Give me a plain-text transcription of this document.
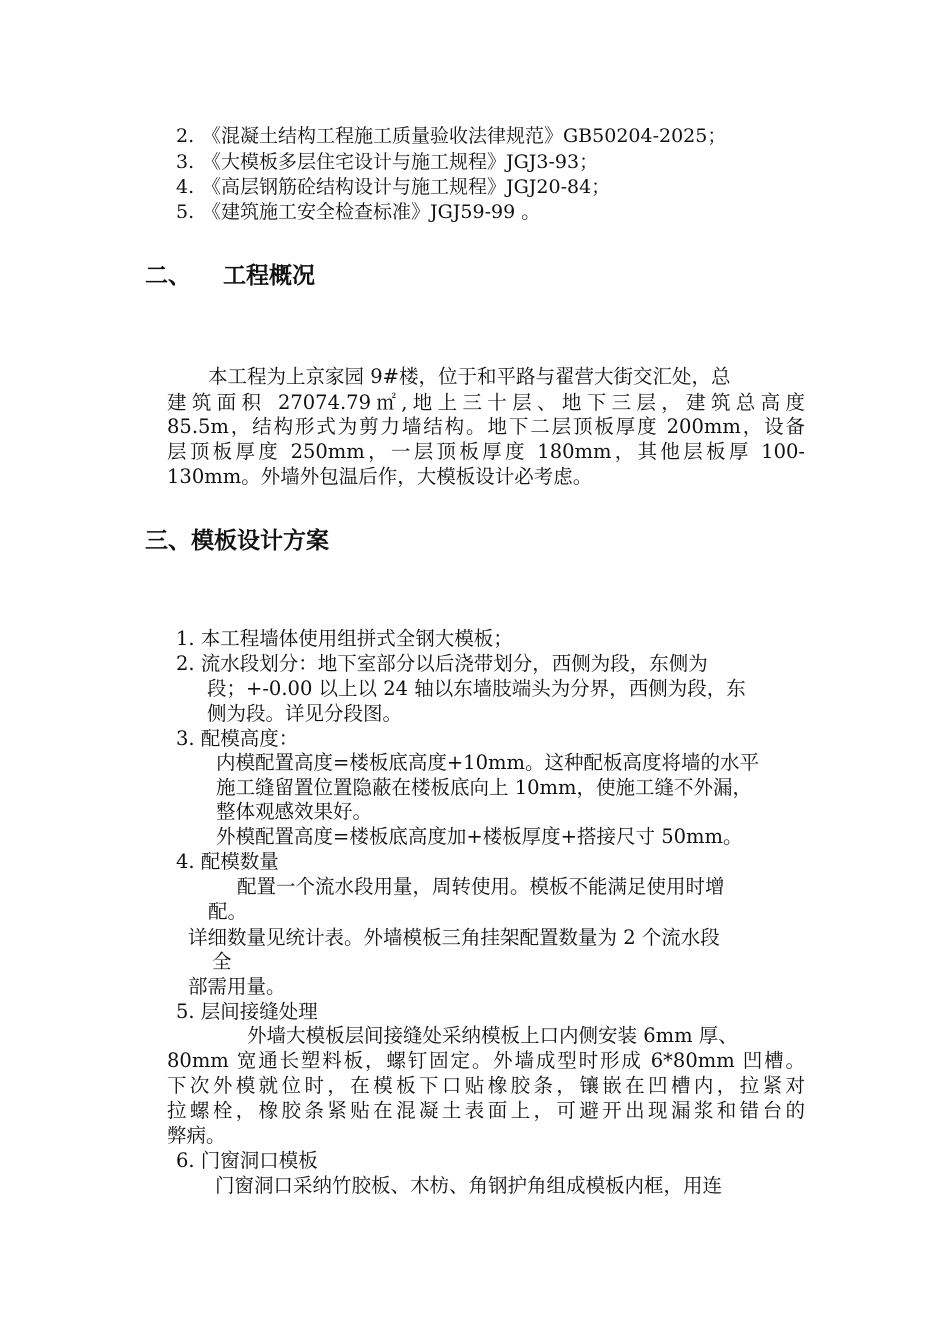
2. 《混凝土结构工程施工质量验收法律规范》GB50204-2025；
3. 《大模板多层住宅设计与施工规程》JGJ3-93；
4. 《高层钢筋砼结构设计与施工规程》JGJ20-84；
5. 《建筑施工安全检查标准》JGJ59-99 。
二、    工程概况
本工程为上京家园 9#楼，位于和平路与翟营大街交汇处，总
建筑面积 27074.79㎡,地上三十层、地下三层，建筑总高度
85.5m，结构形式为剪力墙结构。地下二层顶板厚度 200mm，设备
层顶板厚度 250mm，一层顶板厚度 180mm，其他层板厚 100-
130mm。外墙外包温后作，大模板设计必考虑。
三、模板设计方案
1. 本工程墙体使用组拼式全钢大模板；
2. 流水段划分：地下室部分以后浇带划分，西侧为段，东侧为
段；+-0.00 以上以 24 轴以东墙肢端头为分界，西侧为段，东
侧为段。详见分段图。
3. 配模高度：
内模配置高度=楼板底高度+10mm。这种配板高度将墙的水平
施工缝留置位置隐蔽在楼板底向上 10mm，使施工缝不外漏，
整体观感效果好。
外模配置高度=楼板底高度加+楼板厚度+搭接尺寸 50mm。
4. 配模数量
配置一个流水段用量，周转使用。模板不能满足使用时增
配。
详细数量见统计表。外墙模板三角挂架配置数量为 2 个流水段
全
部需用量。
5. 层间接缝处理
外墙大模板层间接缝处采纳模板上口内侧安装 6mm 厚、
80mm 宽通长塑料板，螺钉固定。外墙成型时形成 6*80mm 凹槽。
下次外模就位时，在模板下口贴橡胶条，镶嵌在凹槽内，拉紧对
拉螺栓，橡胶条紧贴在混凝土表面上，可避开出现漏浆和错台的
弊病。
6. 门窗洞口模板
门窗洞口采纳竹胶板、木枋、角钢护角组成模板内框，用连
